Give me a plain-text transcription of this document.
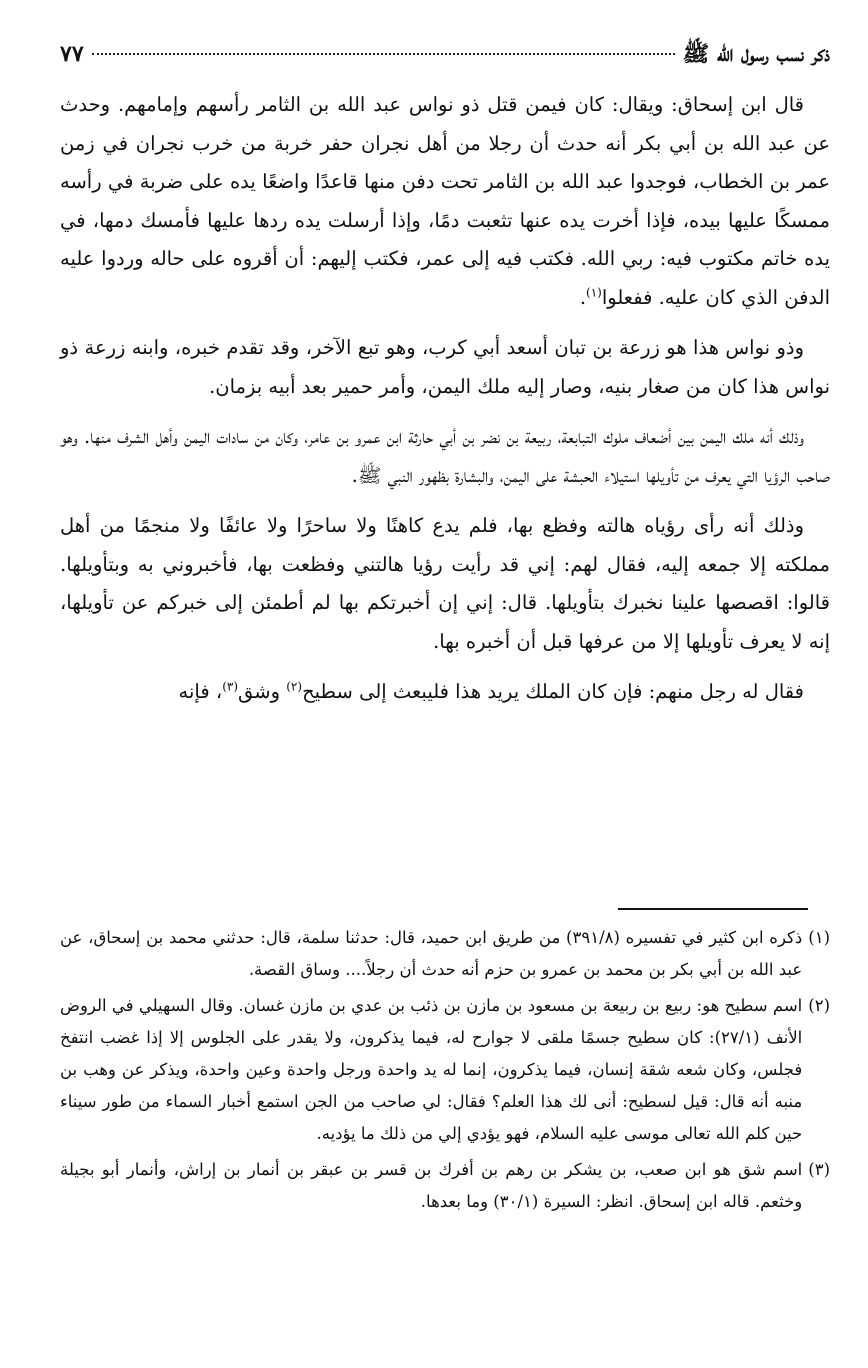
ذكر نسب رسول الله ﷺ
٧٧

قال ابن إسحاق: ويقال: كان فيمن قتل ذو نواس عبد الله بن الثامر رأسهم وإمامهم. وحدث عن عبد الله بن أبي بكر أنه حدث أن رجلا من أهل نجران حفر خربة من خرب نجران في زمن عمر بن الخطاب، فوجدوا عبد الله بن الثامر تحت دفن منها قاعدًا واضعًا يده على ضربة في رأسه ممسكًا عليها بيده، فإذا أخرت يده عنها تثعبت دمًا، وإذا أرسلت يده ردها عليها فأمسك دمها، في يده خاتم مكتوب فيه: ربي الله. فكتب فيه إلى عمر، فكتب إليهم: أن أقروه على حاله وردوا عليه الدفن الذي كان عليه. ففعلوا$^{(١)}$.

وذو نواس هذا هو زرعة بن تبان أسعد أبي كرب، وهو تبع الآخر، وقد تقدم خبره، وابنه زرعة ذو نواس هذا كان من صغار بنيه، وصار إليه ملك اليمن، وأمر حمير بعد أبيه بزمان.

وذلك أنه ملك اليمن بين أضعاف ملوك التبابعة، ربيعة بن نضر بن أبي حارثة ابن عمرو بن عامر، وكان من سادات اليمن وأهل الشرف منها. وهو صاحب الرؤيا التي يعرف من تأويلها استيلاء الحبشة على اليمن، والبشارة بظهور النبي ﷺ.

وذلك أنه رأى رؤياه هالته وفظع بها، فلم يدع كاهنًا ولا ساحرًا ولا عائفًا ولا منجمًا من أهل مملكته إلا جمعه إليه، فقال لهم: إني قد رأيت رؤيا هالتني وفظعت بها، فأخبروني به وبتأويلها. قالوا: اقصصها علينا نخبرك بتأويلها. قال: إني إن أخبرتكم بها لم أطمئن إلى خبركم عن تأويلها، إنه لا يعرف تأويلها إلا من عرفها قبل أن أخبره بها.

فقال له رجل منهم: فإن كان الملك يريد هذا فليبعث إلى سطيح$^{(٢)}$ وشق$^{(٣)}$، فإنه

(١)
ذكره ابن كثير في تفسيره (٣٩١/٨) من طريق ابن حميد، قال: حدثنا سلمة، قال: حدثني محمد بن إسحاق، عن عبد الله بن أبي بكر بن محمد بن عمرو بن حزم أنه حدث أن رجلاً.... وساق القصة.
(٢)
اسم سطيح هو: ربيع بن ربيعة بن مسعود بن مازن بن ذئب بن عدي بن مازن غسان. وقال السهيلي في الروض الأنف (٢٧/١): كان سطيح جسمًا ملقى لا جوارح له، فيما يذكرون، ولا يقدر على الجلوس إلا إذا غضب انتفخ فجلس، وكان شعه شقة إنسان، فيما يذكرون، إنما له يد واحدة ورجل واحدة وعين واحدة، ويذكر عن وهب بن منبه أنه قال: قيل لسطيح: أنى لك هذا العلم؟ فقال: لي صاحب من الجن استمع أخبار السماء من طور سيناء حين كلم الله تعالى موسى عليه السلام، فهو يؤدي إلي من ذلك ما يؤديه.
(٣)
اسم شق هو ابن صعب، بن يشكر بن رهم بن أفرك بن قسر بن عبقر بن أنمار بن إراش، وأنمار أبو بجيلة وخثعم. قاله ابن إسحاق. انظر: السيرة (٣٠/١) وما بعدها.
